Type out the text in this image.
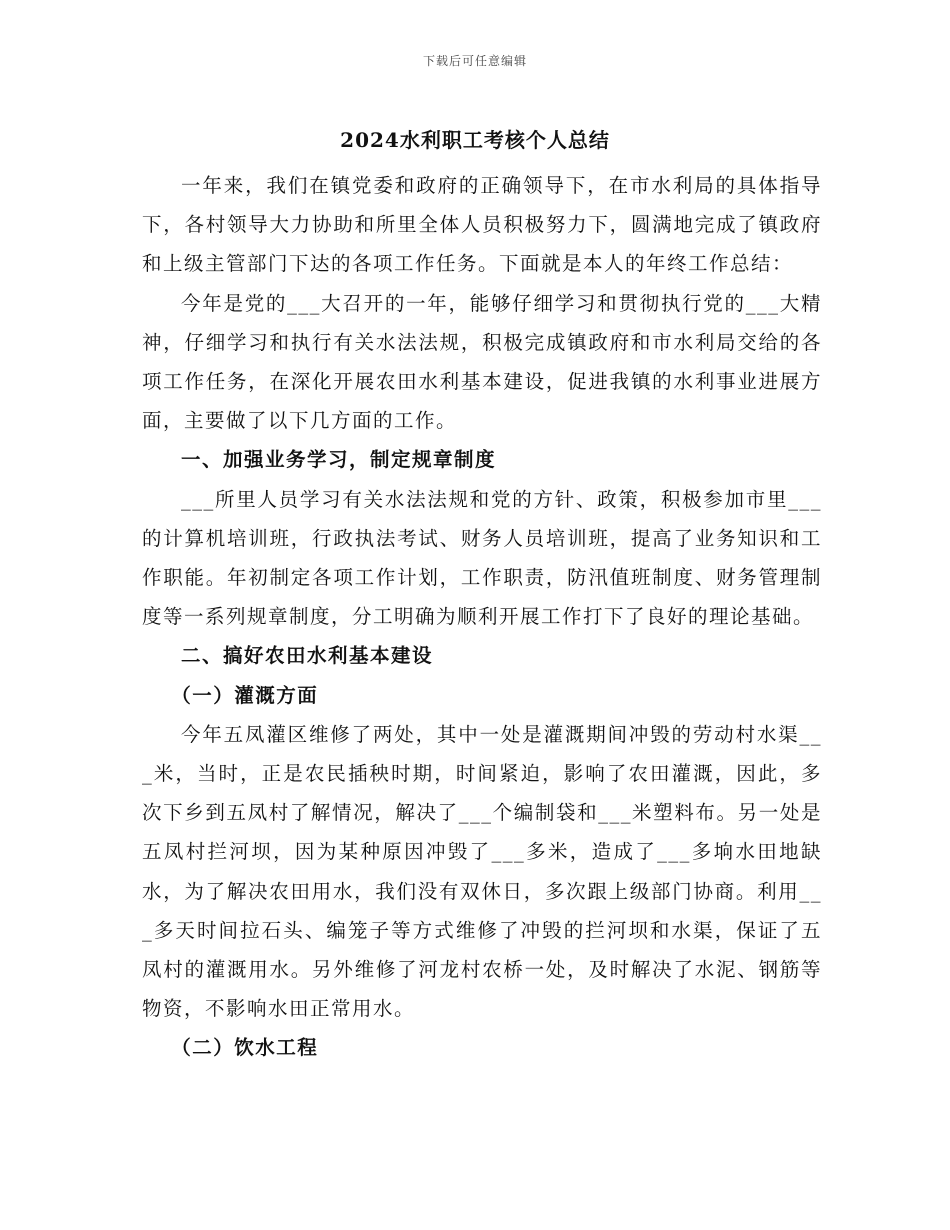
下载后可任意编辑
2024水利职工考核个人总结

一年来，我们在镇党委和政府的正确领导下，在市水利局的具体指导下，各村领导大力协助和所里全体人员积极努力下，圆满地完成了镇政府和上级主管部门下达的各项工作任务。下面就是本人的年终工作总结：

今年是党的___大召开的一年，能够仔细学习和贯彻执行党的___大精神，仔细学习和执行有关水法法规，积极完成镇政府和市水利局交给的各项工作任务，在深化开展农田水利基本建设，促进我镇的水利事业进展方面，主要做了以下几方面的工作。

一、加强业务学习，制定规章制度

___所里人员学习有关水法法规和党的方针、政策，积极参加市里___的计算机培训班，行政执法考试、财务人员培训班，提高了业务知识和工作职能。年初制定各项工作计划，工作职责，防汛值班制度、财务管理制度等一系列规章制度，分工明确为顺利开展工作打下了良好的理论基础。

二、搞好农田水利基本建设

（一）灌溉方面

今年五凤灌区维修了两处，其中一处是灌溉期间冲毁的劳动村水渠___米，当时，正是农民插秧时期，时间紧迫，影响了农田灌溉，因此，多次下乡到五凤村了解情况，解决了___个编制袋和___米塑料布。另一处是五凤村拦河坝，因为某种原因冲毁了___多米，造成了___多垧水田地缺水，为了解决农田用水，我们没有双休日，多次跟上级部门协商。利用___多天时间拉石头、编笼子等方式维修了冲毁的拦河坝和水渠，保证了五凤村的灌溉用水。另外维修了河龙村农桥一处，及时解决了水泥、钢筋等物资，不影响水田正常用水。

（二）饮水工程
